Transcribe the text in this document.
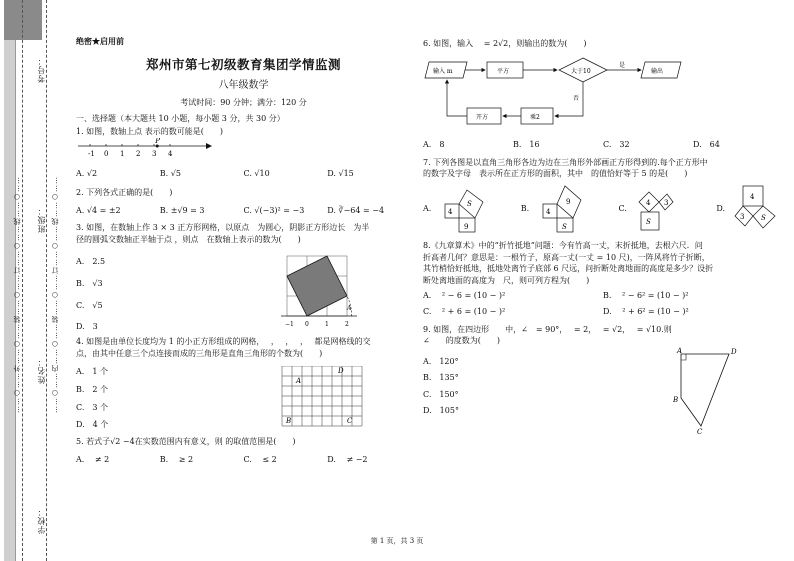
学校：
姓名：
班级：
考号：
……○……外……○……装……○……订……○……线……○……	……○……内……○……装……○……订……○……线……○……
绝密★启用前
郑州市第七初级教育集团学情监测
八年级数学
考试时间：90 分钟；满分：120 分
一、选择题（本大题共 10 小题，每小题 3 分，共 30 分）
1. 如图，数轴上点 表示的数可能是(　　)
-1 0 1 2 3 4
P
A. √2	B. √5	C. √10	D. √15
2. 下列各式正确的是(　　)
A. √4 = ±2	B. ±√9 = 3	C. √(−3)² = −3	D. ∛−64 = −4
3. 如图，在数轴上作 3 × 3 正方形网格，以原点　为圆心，阴影正方形边长　为半
径的圆弧交数轴正半轴于点 ，则点　在数轴上表示的数为(　　)
A.　2.5
B.　√3
C.　√5
D.　3
A
−1 0	1	2
4. 如图是由单位长度均为 1 的小正方形组成的网格，　 ，　 ，　 ，　 都是网格线的交
点，由其中任意三个点连接而成的三角形是直角三角形的个数为(　　)
A.　1 个
B.　2 个
C.　3 个
D.　4 个
A
B	C
D
5. 若式子√2 −4在实数范围内有意义，则 的取值范围是(　　)
A.　 ≠ 2	B.　 ≥ 2	C.　 ≤ 2	D.　 ≠ −2
6. 如图，输入　 = 2√2，则输出的数为(　　)
输入 m	平方	大于10
是
输出
否
乘2
开方
A.　8	B.　16	C.　32	D.　64
7. 下列各图是以直角三角形各边为边在三角形外部画正方形得到的.每个正方形中
的数字及字母　表示所在正方形的面积，其中　的值恰好等于 5 的是(　　)
A. 4
9
S
B. 4
S
9
C.
4 3
S
D.
4
3 S
8.《九章算术》中的“折竹抵地”问题：今有竹高一丈，末折抵地，去根六尺．问
折高者几何？意思是：一根竹子，原高一丈(一丈 = 10 尺)，一阵风将竹子折断，
其竹梢恰好抵地，抵地处离竹子底部 6 尺远，问折断处离地面的高度是多少？设折
断处离地面的高度为　尺，则可列方程为(　　)
A.　 ² − 6 = (10 − )²	B.　 ² − 6² = (10 − )²
C.　 ² + 6 = (10 − )²	D.　 ² + 6² = (10 − )²
9. 如图，在四边形　　中，∠　= 90°，　 = 2，　 = √2，　 = √10.则
∠　　的度数为(　　)
A.　120°
B.　135°
C.　150°
D.　105°
A	D
B
C
第 1 页，共 3 页
